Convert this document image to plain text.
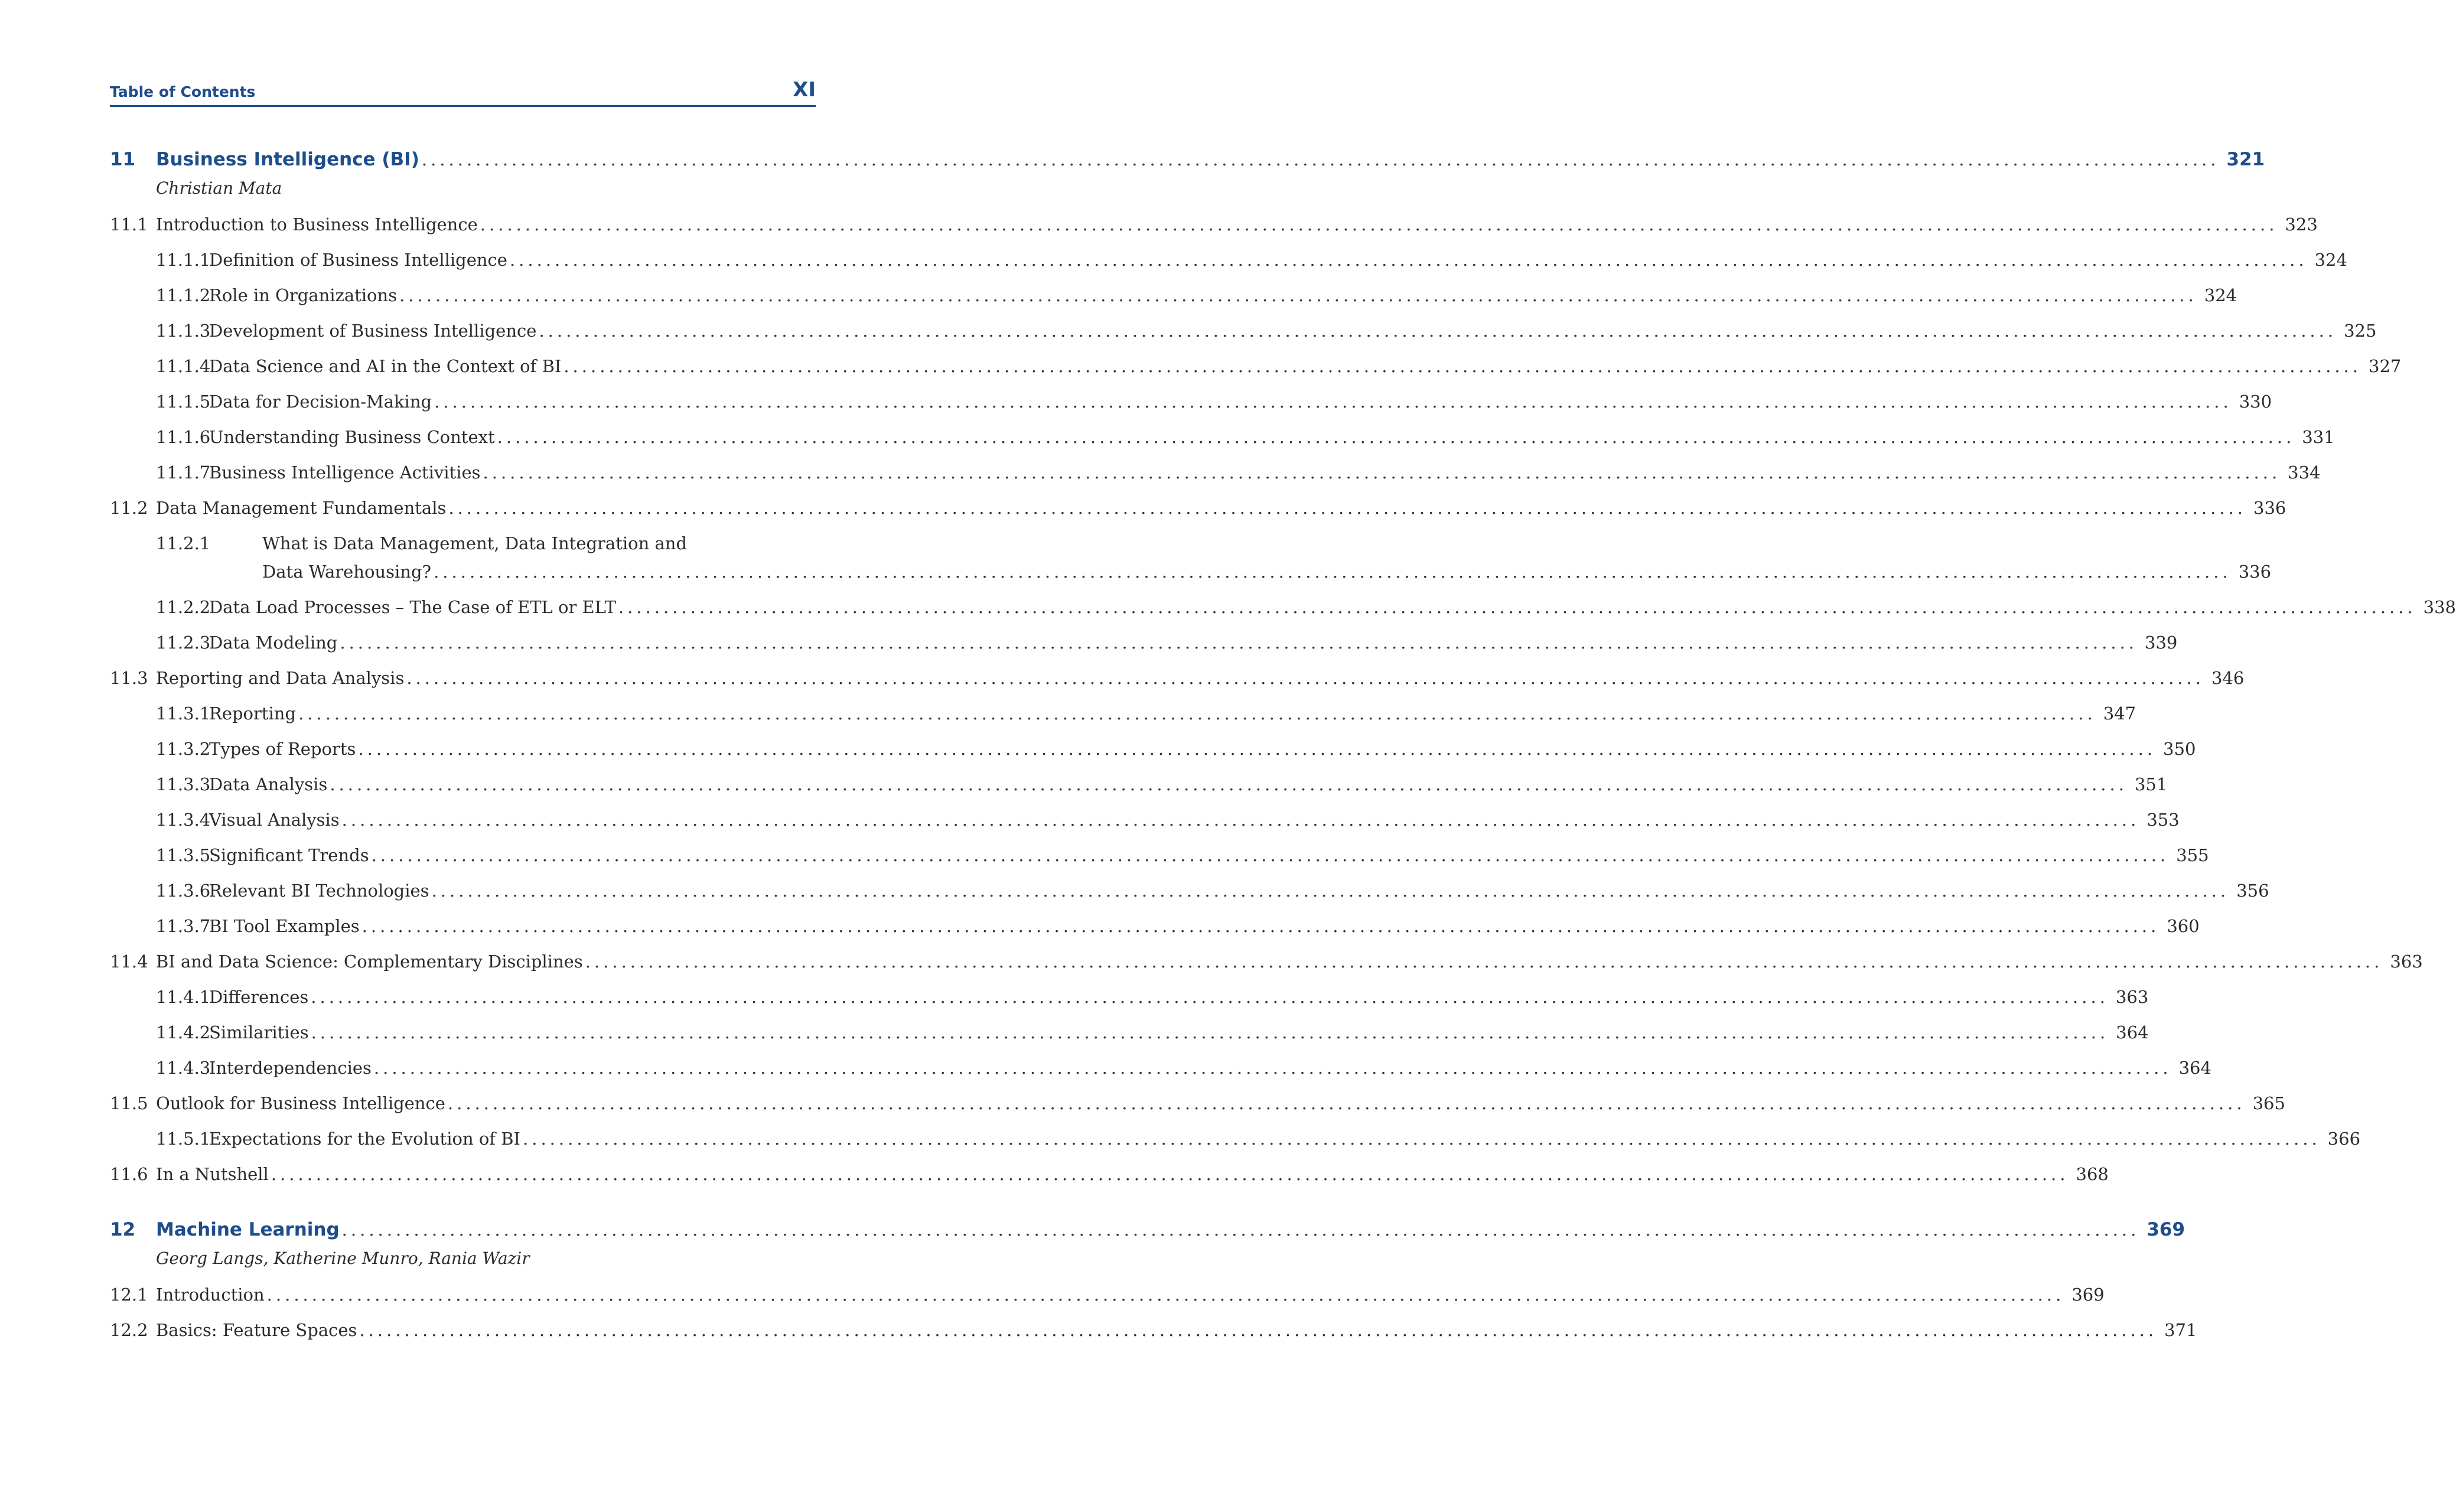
Table of Contents	XI
11 Business Intelligence (BI) ........................................................................................................................................................................................................ 321
Christian Mata
11.1 Introduction to Business Intelligence ........................................................................................................................................................................................................ 323
11.1.1
Definition of Business Intelligence ........................................................................................................................................................................................................ 324
11.1.2
Role in Organizations ........................................................................................................................................................................................................ 324
11.1.3
Development of Business Intelligence ........................................................................................................................................................................................................ 325
11.1.4
Data Science and AI in the Context of BI ........................................................................................................................................................................................................ 327
11.1.5
Data for Decision-Making ........................................................................................................................................................................................................ 330
11.1.6
Understanding Business Context ........................................................................................................................................................................................................ 331
11.1.7
Business Intelligence Activities ........................................................................................................................................................................................................ 334
11.2 Data Management Fundamentals ........................................................................................................................................................................................................ 336
11.2.1	What is Data Management, Data Integration and
Data Warehousing? ........................................................................................................................................................................................................ 336
11.2.2
Data Load Processes – The Case of ETL or ELT ........................................................................................................................................................................................................ 338
11.2.3
Data Modeling ........................................................................................................................................................................................................ 339
11.3 Reporting and Data Analysis ........................................................................................................................................................................................................ 346
11.3.1
Reporting ........................................................................................................................................................................................................ 347
11.3.2
Types of Reports ........................................................................................................................................................................................................ 350
11.3.3
Data Analysis ........................................................................................................................................................................................................ 351
11.3.4
Visual Analysis ........................................................................................................................................................................................................ 353
11.3.5
Significant Trends ........................................................................................................................................................................................................ 355
11.3.6
Relevant BI Technologies ........................................................................................................................................................................................................ 356
11.3.7
BI Tool Examples ........................................................................................................................................................................................................ 360
11.4 BI and Data Science: Complementary Disciplines ........................................................................................................................................................................................................ 363
11.4.1
Differences ........................................................................................................................................................................................................ 363
11.4.2
Similarities ........................................................................................................................................................................................................ 364
11.4.3
Interdependencies ........................................................................................................................................................................................................ 364
11.5 Outlook for Business Intelligence ........................................................................................................................................................................................................ 365
11.5.1
Expectations for the Evolution of BI ........................................................................................................................................................................................................ 366
11.6 In a Nutshell ........................................................................................................................................................................................................ 368
12 Machine Learning ........................................................................................................................................................................................................ 369
Georg Langs, Katherine Munro, Rania Wazir
12.1 Introduction ........................................................................................................................................................................................................ 369
12.2 Basics: Feature Spaces ........................................................................................................................................................................................................ 371
